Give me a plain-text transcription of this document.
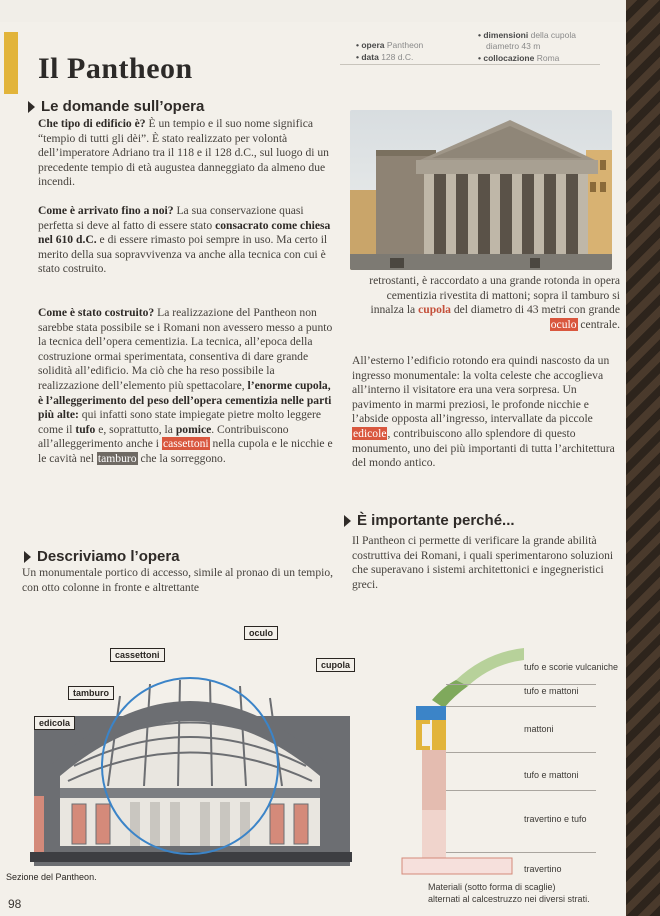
Il Pantheon
• opera Pantheon
• data 128 d.C.
• dimensioni della cupola
diametro 43 m
• collocazione Roma
Le domande sull’opera
Che tipo di edificio è? È un tempio e il suo nome significa “tempio di tutti gli dèi”. È stato realizzato per volontà dell’imperatore Adriano tra il 118 e il 128 d.C., sul luogo di un precedente tempio di età augustea danneggiato da almeno due incendi.
Come è arrivato fino a noi? La sua conservazione quasi perfetta si deve al fatto di essere stato consacrato come chiesa nel 610 d.C. e di essere rimasto poi sempre in uso. Ma certo il merito della sua sopravvivenza va anche alla tecnica con cui è stato costruito.
Come è stato costruito? La realizzazione del Pantheon non sarebbe stata possibile se i Romani non avessero messo a punto la tecnica dell’opera cementizia. La tecnica, all’epoca della costruzione ormai sperimentata, consentiva di dare grande solidità all’edificio. Ma ciò che ha reso possibile la realizzazione dell’elemento più spettacolare, l’enorme cupola, è l’alleggerimento del peso dell’opera cementizia nelle parti più alte: qui infatti sono state impiegate pietre molto leggere come il tufo e, soprattutto, la pomice. Contribuiscono all’alleggerimento anche i cassettoni nella cupola e le nicchie e le cavità nel tamburo che la sorreggono.
retrostanti, è raccordato a una grande rotonda in opera cementizia rivestita di mattoni; sopra il tamburo si innalza la cupola del diametro di 43 metri con grande oculo centrale.
All’esterno l’edificio rotondo era quindi nascosto da un ingresso monumentale: la volta celeste che accoglieva all’interno il visitatore era una vera sorpresa. Un pavimento in marmi preziosi, le profonde nicchie e l’abside opposta all’ingresso, intervallate da piccole edicole, contribuiscono allo splendore di questo monumento, uno dei più importanti di tutta l’architettura del mondo antico.
È importante perché...
Il Pantheon ci permette di verificare la grande abilità costruttiva dei Romani, i quali sperimentarono soluzioni che superavano i sistemi architettonici e ingegneristici greci.
Descriviamo l’opera
Un monumentale portico di accesso, simile al pronao di un tempio, con otto colonne in fronte e altrettante
oculo
cassettoni
cupola
tamburo
edicola
Sezione del Pantheon.
tufo e scorie vulcaniche
tufo e mattoni
mattoni
tufo e mattoni
travertino e tufo
travertino
Materiali (sotto forma di scaglie)
alternati al calcestruzzo nei diversi strati.
98
